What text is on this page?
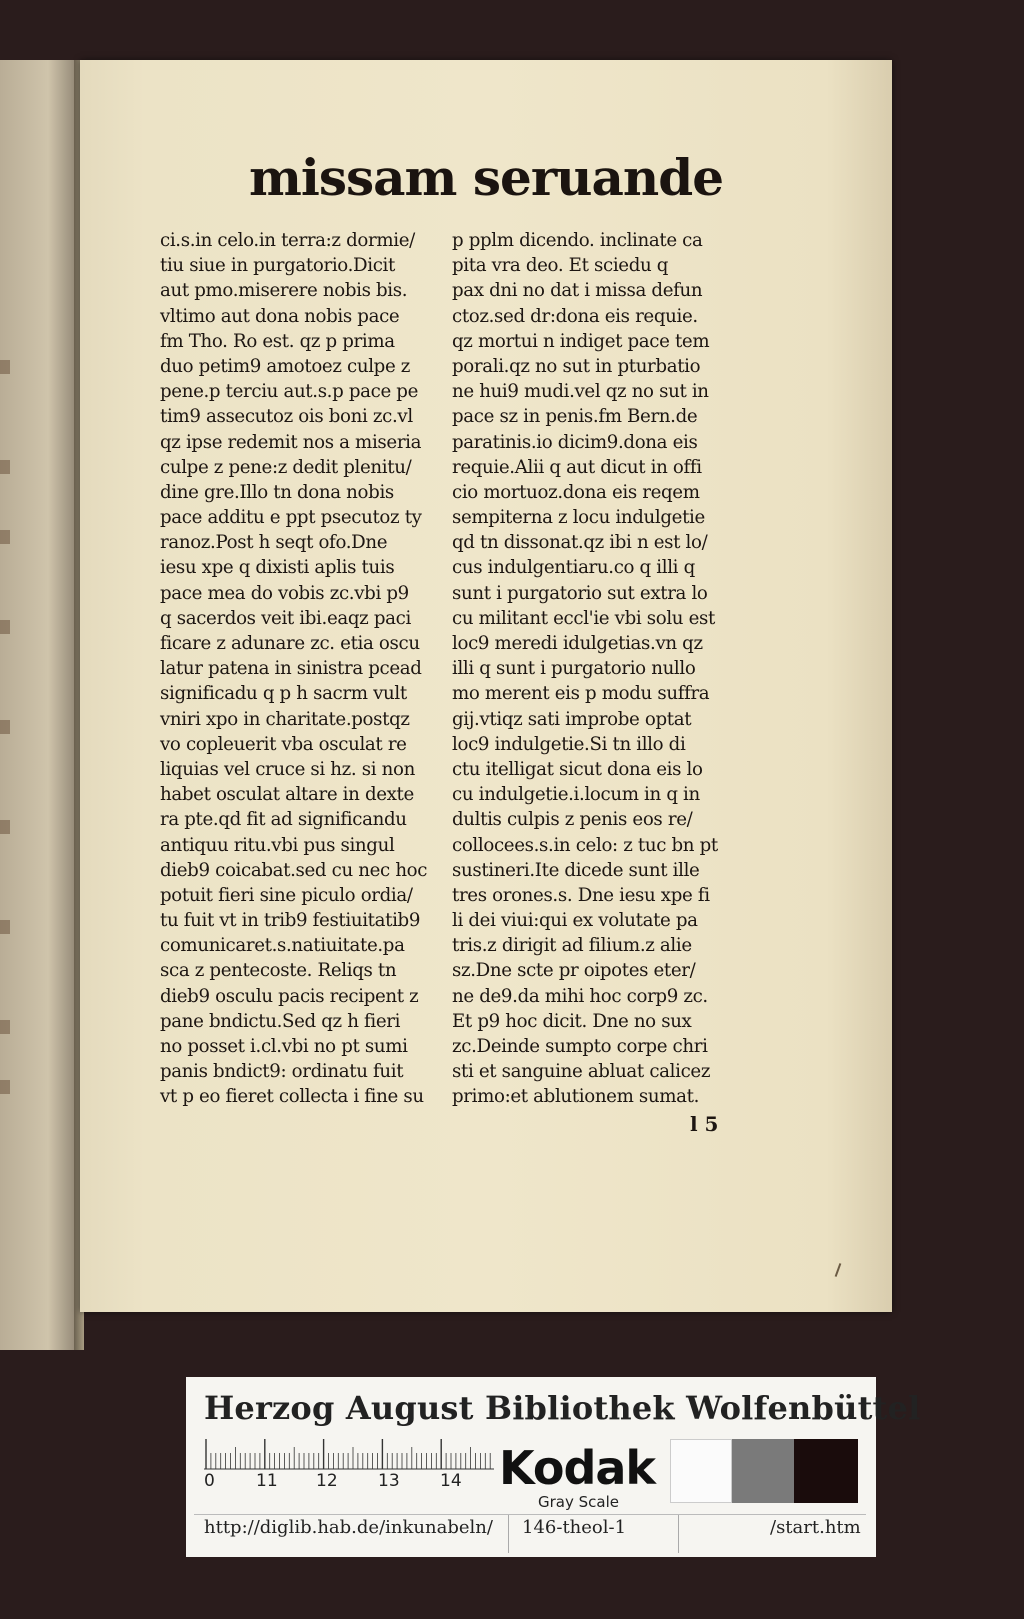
missam seruande
ci.s.in celo.in terra:z dormie/
tiu siue in purgatorio.Dicit
aut pmo.miserere nobis bis.
vltimo aut dona nobis pace
fm Tho. Ro est. qz p prima
duo petim9 amotoez culpe z
pene.p terciu aut.s.p pace pe
tim9 assecutoz ois boni zc.vl
qz ipse redemit nos a miseria
culpe z pene:z dedit plenitu/
dine gre.Illo tn dona nobis
pace additu e ppt psecutoz ty
ranoz.Post h seqt ofo.Dne
iesu xpe q dixisti aplis tuis
pace mea do vobis zc.vbi p9
q sacerdos veit ibi.eaqz paci
ficare z adunare zc. etia oscu
latur patena in sinistra pcead
significadu q p h sacrm vult
vniri xpo in charitate.postqz
vo copleuerit vba osculat re
liquias vel cruce si hz. si non
habet osculat altare in dexte
ra pte.qd fit ad significandu
antiquu ritu.vbi pus singul
dieb9 coicabat.sed cu nec hoc
potuit fieri sine piculo ordia/
tu fuit vt in trib9 festiuitatib9
comunicaret.s.natiuitate.pa
sca z pentecoste. Reliqs tn
dieb9 osculu pacis recipent z
pane bndictu.Sed qz h fieri
no posset i.cl.vbi no pt sumi
panis bndict9: ordinatu fuit
vt p eo fieret collecta i fine su
p pplm dicendo. inclinate ca
pita vra deo. Et sciedu q
pax dni no dat i missa defun
ctoz.sed dr:dona eis requie.
qz mortui n indiget pace tem
porali.qz no sut in pturbatio
ne hui9 mudi.vel qz no sut in
pace sz in penis.fm Bern.de
paratinis.io dicim9.dona eis
requie.Alii q aut dicut in offi
cio mortuoz.dona eis reqem
sempiterna z locu indulgetie
qd tn dissonat.qz ibi n est lo/
cus indulgentiaru.co q illi q
sunt i purgatorio sut extra lo
cu militant eccl'ie vbi solu est
loc9 meredi idulgetias.vn qz
illi q sunt i purgatorio nullo
mo merent eis p modu suffra
gij.vtiqz sati improbe optat
loc9 indulgetie.Si tn illo di
ctu itelligat sicut dona eis lo
cu indulgetie.i.locum in q in
dultis culpis z penis eos re/
collocees.s.in celo: z tuc bn pt
sustineri.Ite dicede sunt ille
tres orones.s. Dne iesu xpe fi
li dei viui:qui ex volutate pa
tris.z dirigit ad filium.z alie
sz.Dne scte pr oipotes eter/
ne de9.da mihi hoc corp9 zc.
Et p9 hoc dicit. Dne no sux
zc.Deinde sumpto corpe chri
sti et sanguine abluat calicez
primo:et ablutionem sumat.
l 5
Herzog August Bibliothek Wolfenbüttel
0 11 12 13 14 Kodak
Gray Scale
http://diglib.hab.de/inkunabeln/ 146-theol-1	/start.htm
